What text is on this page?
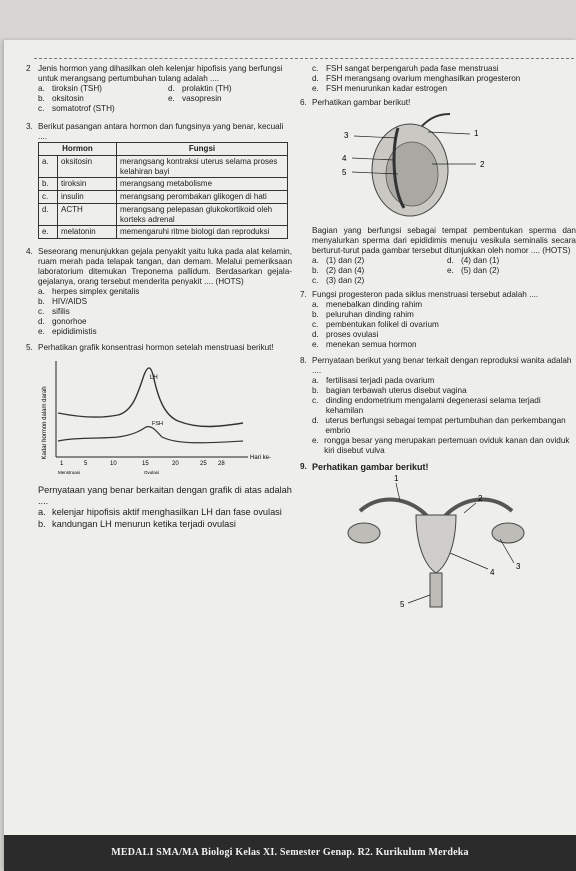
2 Jenis hormon yang dihasilkan oleh kelenjar hipofisis yang berfungsi untuk merangsang pertumbuhan tulang adalah ....
a. tiroksin (TSH)	d. prolaktin (TH)
b. oksitosin	e. vasopresin
c. somatotrof (STH)
3. Berikut pasangan antara hormon dan fungsinya yang benar, kecuali ....
Hormon		Fungsi
a.	oksitosin	merangsang kontraksi uterus selama proses kelahiran bayi
b.	tiroksin	merangsang metabolisme
c.	insulin	merangsang perombakan glikogen di hati
d.	ACTH	merangsang pelepasan glukokortikoid oleh korteks adrenal
e.	melatonin	memengaruhi ritme biologi dan reproduksi
4. Seseorang menunjukkan gejala penyakit yaitu luka pada alat kelamin, ruam merah pada telapak tangan, dan demam. Melalui pemeriksaan laboratorium ditemukan Treponema pallidum. Berdasarkan gejala-gejalanya, orang tersebut menderita penyakit .... (HOTS)
a. herpes simplex genitalis
b. HIV/AIDS
c. sifilis
d. gonorhoe
e. epididimistis
5. Perhatikan grafik konsentrasi hormon setelah menstruasi berikut!
Kadar hormon dalam darah
LH
FSH
1	5	10	15	20	25 28
Menstruasi	Ovulasi
Hari ke-
Pernyataan yang benar berkaitan dengan grafik di atas adalah ....
a. kelenjar hipofisis aktif menghasilkan LH dan fase ovulasi
b. kandungan LH menurun ketika terjadi ovulasi
c. FSH sangat berpengaruh pada fase menstruasi
d. FSH merangsang ovarium menghasilkan progesteron
e. FSH menurunkan kadar estrogen
6. Perhatikan gambar berikut!
3	1
4
2
5
Bagian yang berfungsi sebagai tempat pembentukan sperma dan menyalurkan sperma dari epididimis menuju vesikula seminalis secara berturut-turut pada gambar tersebut ditunjukkan oleh nomor .... (HOTS)
a. (1) dan (2)	d. (4) dan (1)
b. (2) dan (4)	e. (5) dan (2)
c. (3) dan (2)
7. Fungsi progesteron pada siklus menstruasi tersebut adalah ....
a. menebalkan dinding rahim
b. peluruhan dinding rahim
c. pembentukan folikel di ovarium
d. proses ovulasi
e. menekan semua hormon
8. Pernyataan berikut yang benar terkait dengan reproduksi wanita adalah ....
a. fertilisasi terjadi pada ovarium
b. bagian terbawah uterus disebut vagina
c. dinding endometrium mengalami degenerasi selama terjadi kehamilan
d. uterus berfungsi sebagai tempat pertumbuhan dan perkembangan embrio
e. rongga besar yang merupakan pertemuan oviduk kanan dan oviduk kiri disebut vulva
9. Perhatikan gambar berikut!
1
2
3
4
5
MEDALI SMA/MA Biologi Kelas XI. Semester Genap. R2. Kurikulum Merdeka
